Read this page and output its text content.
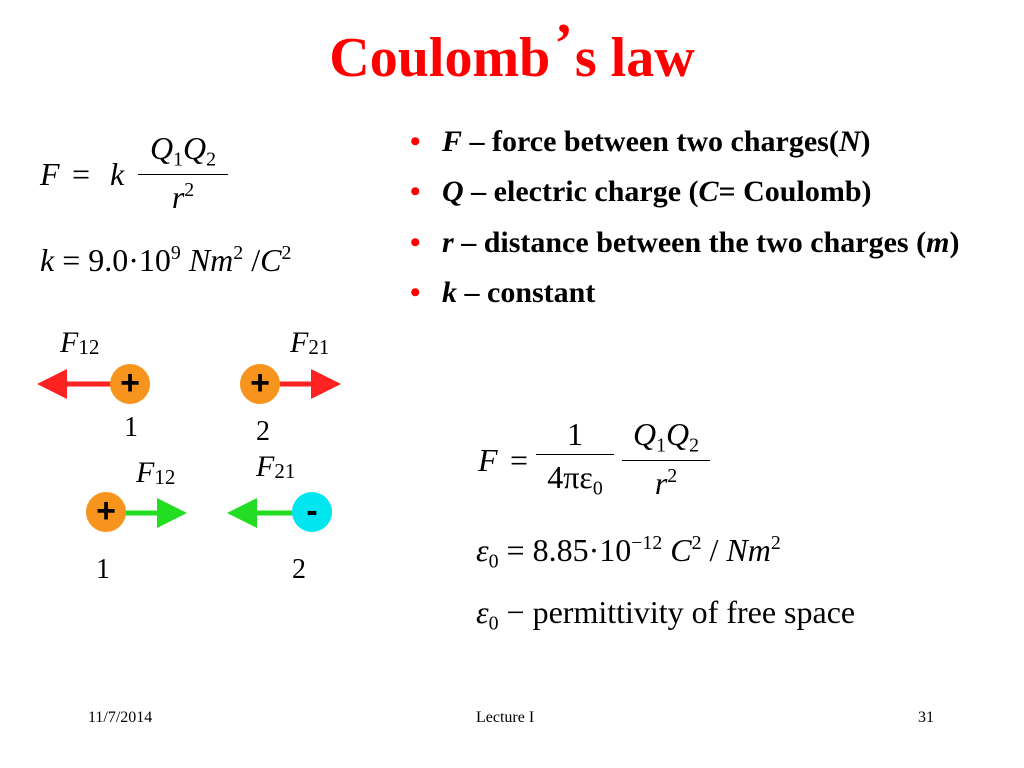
Coulomb’s law
F = k
$Q_1Q_2$
$r^2$
$k = 9.0\cdot 10^9$ Nm$^2$ $/C^2$
• F – force between two charges(N)
• Q – electric charge (C= Coulomb)
• r – distance between the two charges (m)
• k – constant
F12	F21
+	+
1	2
F12	F21
+	-
1	2
F =
1
$4\pi\varepsilon_0$
$Q_1Q_2$
$r^2$
$\varepsilon_0 = 8.85\cdot 10^{-12}$ $C^2 / Nm^2$
$\varepsilon_0$ − permittivity of free space
11/7/2014	Lecture I	31
